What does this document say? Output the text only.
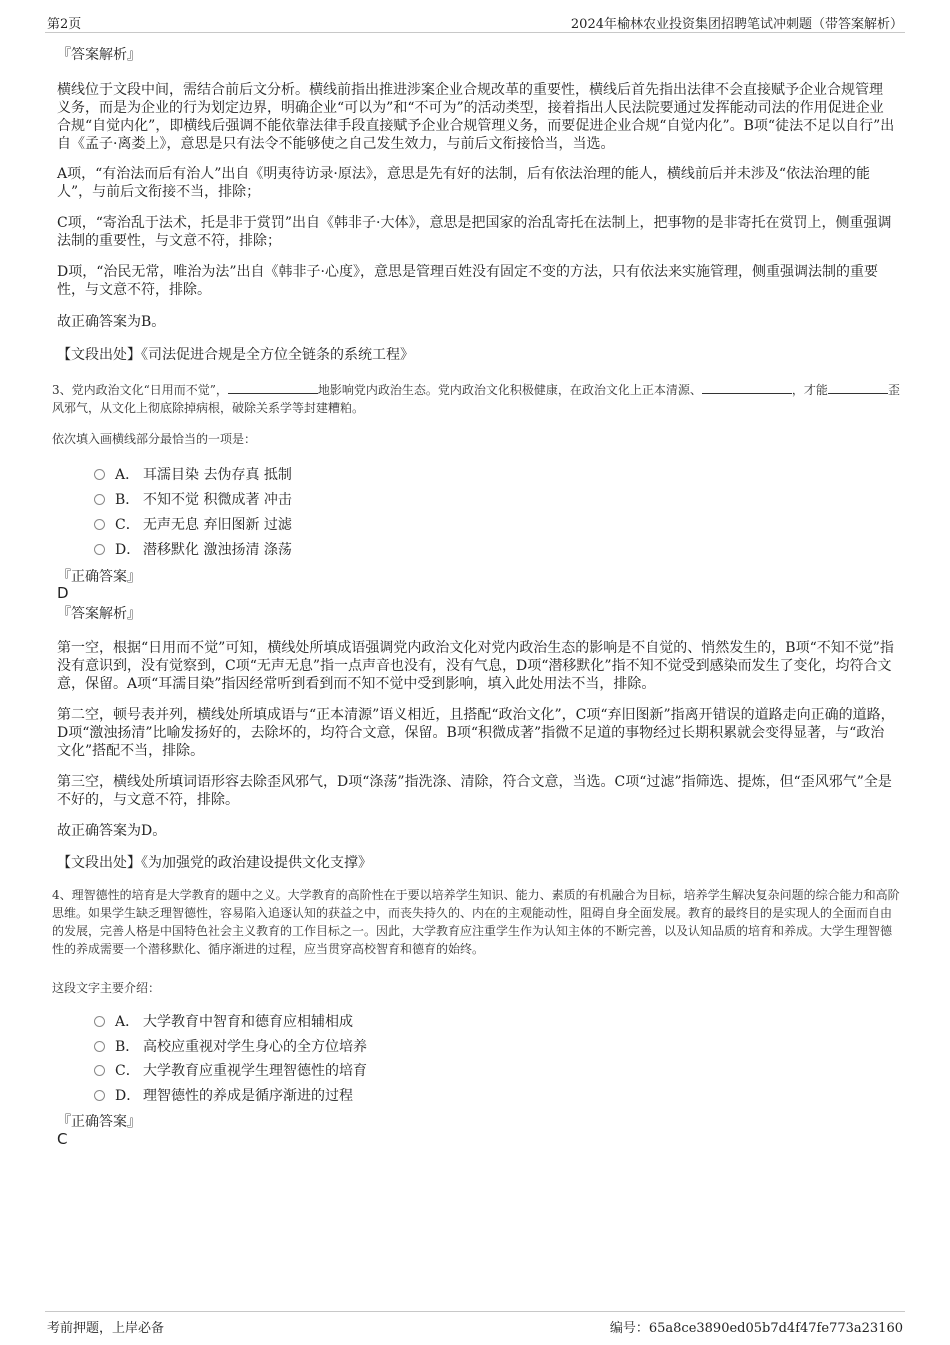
第2页	2024年榆林农业投资集团招聘笔试冲刺题（带答案解析）
『答案解析』

横线位于文段中间，需结合前后文分析。横线前指出推进涉案企业合规改革的重要性，横线后首先指出法律不会直接赋予企业合规管理义务，而是为企业的行为划定边界，明确企业“可以为”和“不可为”的活动类型，接着指出人民法院要通过发挥能动司法的作用促进企业合规“自觉内化”，即横线后强调不能依靠法律手段直接赋予企业合规管理义务，而要促进企业合规“自觉内化”。B项“徒法不足以自行”出自《孟子·离娄上》，意思是只有法令不能够使之自己发生效力，与前后文衔接恰当，当选。

A项，“有治法而后有治人”出自《明夷待访录·原法》，意思是先有好的法制，后有依法治理的能人，横线前后并未涉及“依法治理的能人”，与前后文衔接不当，排除；

C项，“寄治乱于法术，托是非于赏罚”出自《韩非子·大体》，意思是把国家的治乱寄托在法制上，把事物的是非寄托在赏罚上，侧重强调法制的重要性，与文意不符，排除；

D项，“治民无常，唯治为法”出自《韩非子·心度》，意思是管理百姓没有固定不变的方法，只有依法来实施管理，侧重强调法制的重要性，与文意不符，排除。

故正确答案为B。
【文段出处】《司法促进合规是全方位全链条的系统工程》

3、党内政治文化“日用而不觉”，	地影响党内政治生态。党内政治文化积极健康，在政治文化上正本清源、	，才能	歪风邪气，从文化上彻底除掉病根，破除关系学等封建糟粕。

依次填入画横线部分最恰当的一项是：
A． 耳濡目染 去伪存真 抵制
B． 不知不觉 积微成著 冲击
C． 无声无息 弃旧图新 过滤
D． 潜移默化 激浊扬清 涤荡
『正确答案』
D
『答案解析』

第一空，根据“日用而不觉”可知，横线处所填成语强调党内政治文化对党内政治生态的影响是不自觉的、悄然发生的，B项“不知不觉”指没有意识到，没有觉察到，C项“无声无息”指一点声音也没有，没有气息，D项“潜移默化”指不知不觉受到感染而发生了变化，均符合文意，保留。A项“耳濡目染”指因经常听到看到而不知不觉中受到影响，填入此处用法不当，排除。

第二空，顿号表并列，横线处所填成语与“正本清源”语义相近，且搭配“政治文化”，C项“弃旧图新”指离开错误的道路走向正确的道路，D项“激浊扬清”比喻发扬好的，去除坏的，均符合文意，保留。B项“积微成著”指微不足道的事物经过长期积累就会变得显著，与“政治文化”搭配不当，排除。

第三空，横线处所填词语形容去除歪风邪气，D项“涤荡”指洗涤、清除，符合文意，当选。C项“过滤”指筛选、提炼，但“歪风邪气”全是不好的，与文意不符，排除。

故正确答案为D。
【文段出处】《为加强党的政治建设提供文化支撑》

4、理智德性的培育是大学教育的题中之义。大学教育的高阶性在于要以培养学生知识、能力、素质的有机融合为目标，培养学生解决复杂问题的综合能力和高阶思维。如果学生缺乏理智德性，容易陷入追逐认知的获益之中，而丧失持久的、内在的主观能动性，阻碍自身全面发展。教育的最终目的是实现人的全面而自由的发展，完善人格是中国特色社会主义教育的工作目标之一。因此，大学教育应注重学生作为认知主体的不断完善，以及认知品质的培育和养成。大学生理智德性的养成需要一个潜移默化、循序渐进的过程，应当贯穿高校智育和德育的始终。

这段文字主要介绍：
A． 大学教育中智育和德育应相辅相成
B． 高校应重视对学生身心的全方位培养
C． 大学教育应重视学生理智德性的培育
D． 理智德性的养成是循序渐进的过程
『正确答案』
C
考前押题，上岸必备	编号：65a8ce3890ed05b7d4f47fe773a23160
